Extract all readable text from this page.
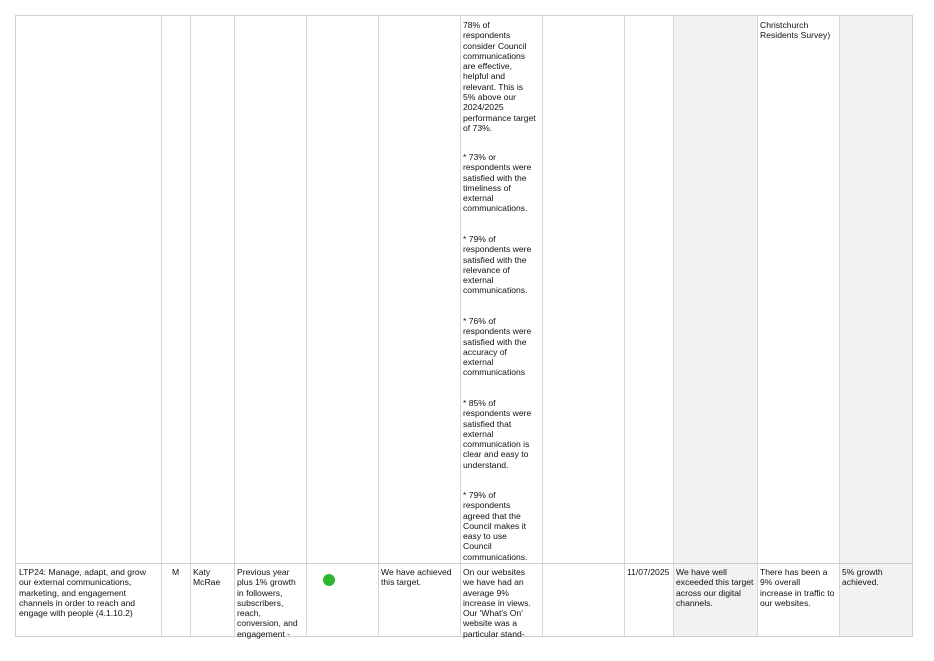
78% of
respondents
consider Council
communications
are effective,
helpful and
relevant. This is
5% above our
2024/2025
performance target
of 73%.
* 73% or
respondents were
satisfied with the
timeliness of
external
communications.
* 79% of
respondents were
satisfied with the
relevance of
external
communications.
* 76% of
respondents were
satisfied with the
accuracy of
external
communications
* 85% of
respondents were
satisfied that
external
communication is
clear and easy to
understand.
* 79% of
respondents
agreed that the
Council makes it
easy to use
Council
communications.
Christchurch
Residents Survey)
LTP24: Manage, adapt, and grow
our external communications,
marketing, and engagement
channels in order to reach and
engage with people (4.1.10.2)
M	Katy
McRae
Previous year
plus 1% growth
in followers,
subscribers,
reach,
conversion, and
engagement -
We have achieved
this target.
On our websites
we have had an
average 9%
increase in views.
Our 'What's On'
website was a
particular stand-
11/07/2025 We have well
exceeded this target
across our digital
channels.
There has been a
9% overall
increase in traffic to
our websites.
5% growth
achieved.
